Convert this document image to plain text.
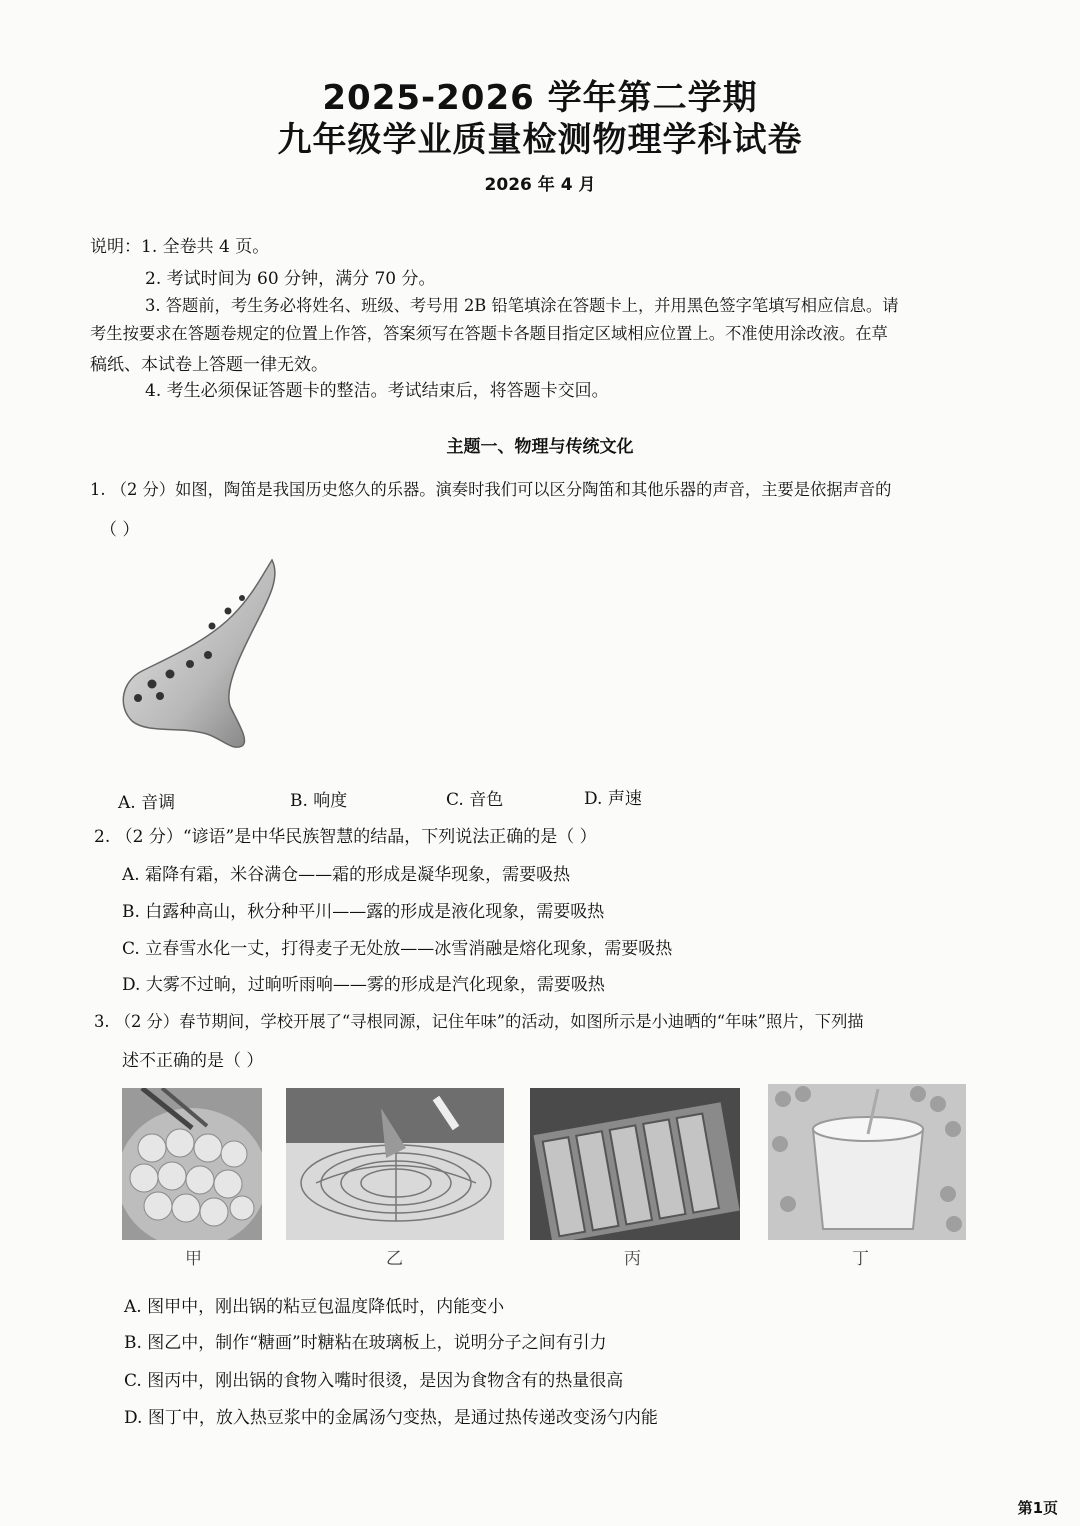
2025-2026 学年第二学期
九年级学业质量检测物理学科试卷
2026 年 4 月
说明：1. 全卷共 4 页。
2. 考试时间为 60 分钟，满分 70 分。
3. 答题前，考生务必将姓名、班级、考号用 2B 铅笔填涂在答题卡上，并用黑色签字笔填写相应信息。请
考生按要求在答题卷规定的位置上作答，答案须写在答题卡各题目指定区域相应位置上。不准使用涂改液。在草
稿纸、本试卷上答题一律无效。
4. 考生必须保证答题卡的整洁。考试结束后，将答题卡交回。
主题一、物理与传统文化
1. （2 分）如图，陶笛是我国历史悠久的乐器。演奏时我们可以区分陶笛和其他乐器的声音，主要是依据声音的
（ ）
A. 音调	B. 响度	C. 音色	D. 声速
2. （2 分）“谚语”是中华民族智慧的结晶，下列说法正确的是（ ）
A. 霜降有霜，米谷满仓——霜的形成是凝华现象，需要吸热
B. 白露种高山，秋分种平川——露的形成是液化现象，需要吸热
C. 立春雪水化一丈，打得麦子无处放——冰雪消融是熔化现象，需要吸热
D. 大雾不过晌，过晌听雨响——雾的形成是汽化现象，需要吸热
3. （2 分）春节期间，学校开展了“寻根同源，记住年味”的活动，如图所示是小迪晒的“年味”照片，下列描
述不正确的是（ ）
甲	乙	丙	丁
A. 图甲中，刚出锅的粘豆包温度降低时，内能变小
B. 图乙中，制作“糖画”时糖粘在玻璃板上，说明分子之间有引力
C. 图丙中，刚出锅的食物入嘴时很烫，是因为食物含有的热量很高
D. 图丁中，放入热豆浆中的金属汤勺变热，是通过热传递改变汤勺内能
第1页
